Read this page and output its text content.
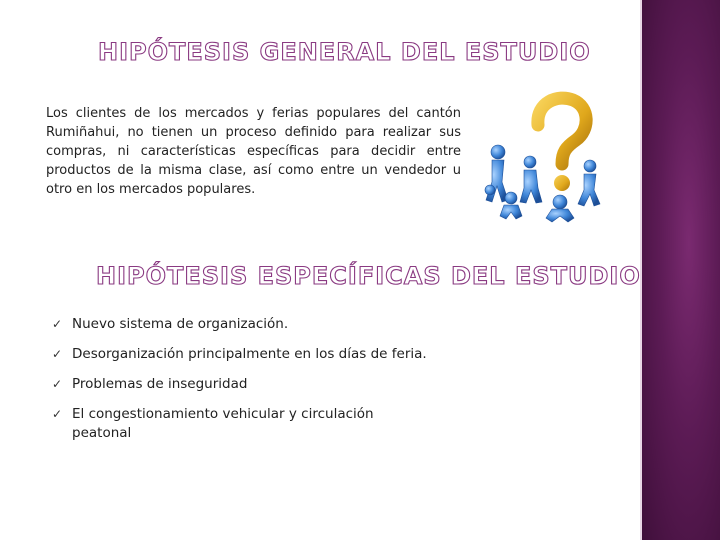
HIPÓTESIS GENERAL DEL ESTUDIO

Los clientes de los mercados y ferias populares del cantón Rumiñahui, no tienen un proceso definido para realizar sus compras, ni características específicas para decidir entre productos de la misma clase, así como entre un vendedor u otro en los mercados populares.

HIPÓTESIS ESPECÍFICAS DEL ESTUDIO
✓ Nuevo sistema de organización.
✓ Desorganización principalmente en los días de feria.
✓ Problemas de inseguridad
✓ El congestionamiento vehicular y circulación peatonal
